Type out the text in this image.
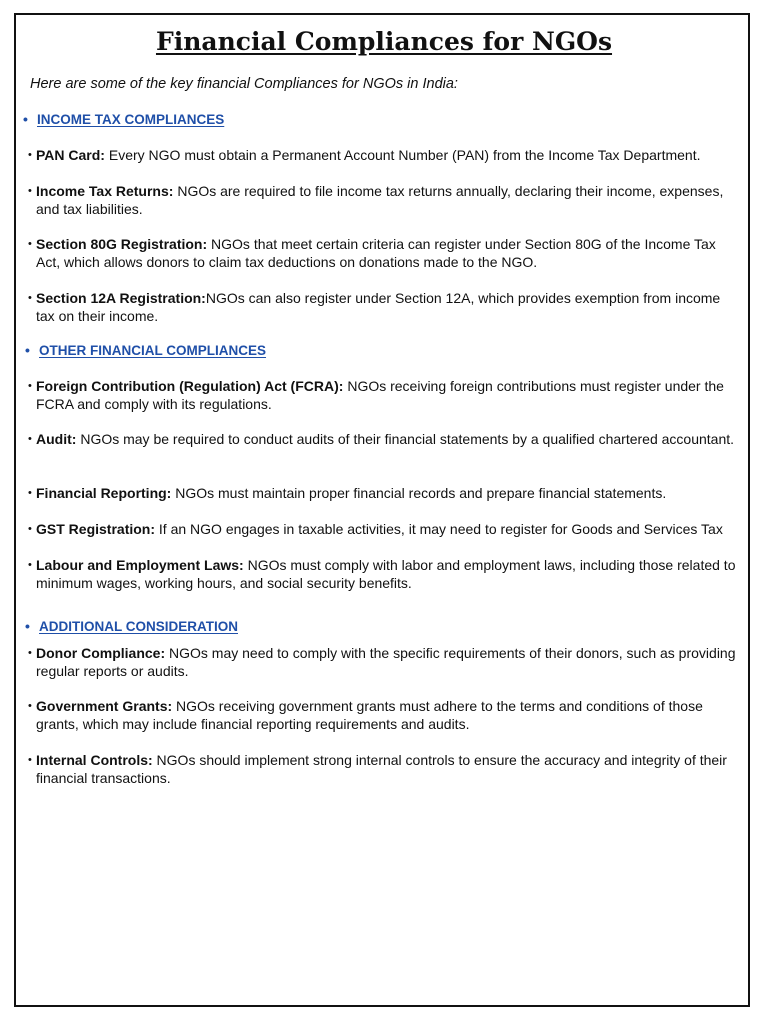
Financial Compliances for NGOs

Here are some of the key financial Compliances for NGOs in India:

• INCOME TAX COMPLIANCES
• PAN Card: Every NGO must obtain a Permanent Account Number (PAN) from the Income Tax Department.
• Income Tax Returns: NGOs are required to file income tax returns annually, declaring their income, expenses, and tax liabilities.
• Section 80G Registration: NGOs that meet certain criteria can register under Section 80G of the Income Tax Act, which allows donors to claim tax deductions on donations made to the NGO.
• Section 12A Registration:NGOs can also register under Section 12A, which provides exemption from income tax on their income.
• OTHER FINANCIAL COMPLIANCES
• Foreign Contribution (Regulation) Act (FCRA): NGOs receiving foreign contributions must register under the FCRA and comply with its regulations.
• Audit: NGOs may be required to conduct audits of their financial statements by a qualified chartered accountant.
• Financial Reporting: NGOs must maintain proper financial records and prepare financial statements.
• GST Registration: If an NGO engages in taxable activities, it may need to register for Goods and Services Tax
• Labour and Employment Laws: NGOs must comply with labor and employment laws, including those related to minimum wages, working hours, and social security benefits.
• ADDITIONAL CONSIDERATION
• Donor Compliance: NGOs may need to comply with the specific requirements of their donors, such as providing regular reports or audits.
• Government Grants: NGOs receiving government grants must adhere to the terms and conditions of those grants, which may include financial reporting requirements and audits.
• Internal Controls: NGOs should implement strong internal controls to ensure the accuracy and integrity of their financial transactions.
